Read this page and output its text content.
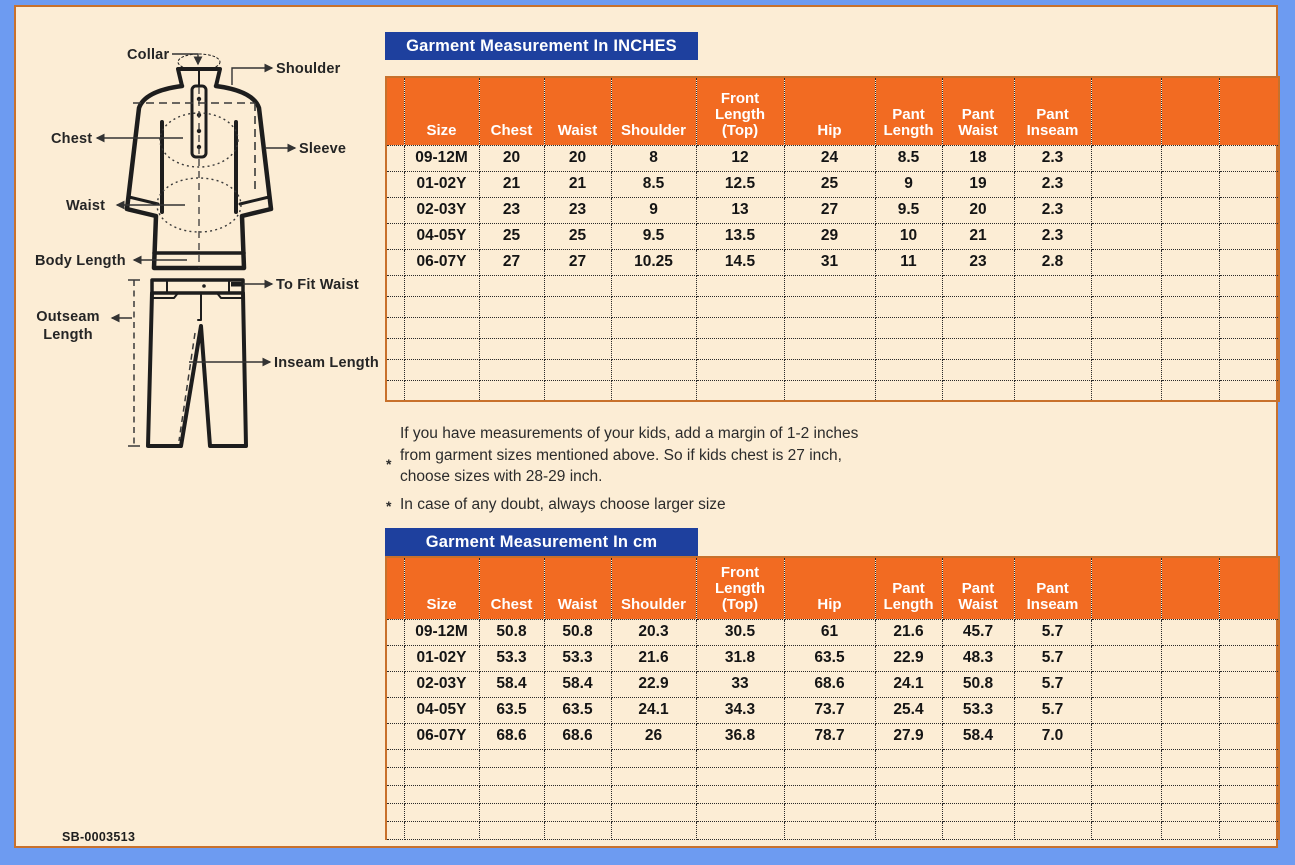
Collar
Shoulder
Chest
Sleeve
Waist
Body Length
To Fit Waist
Outseam Length
Inseam Length
SB-0003513
Garment Measurement In INCHES
	Size	Chest	Waist	Shoulder	Front Length (Top)	Hip	Pant Length	Pant Waist	Pant Inseam			
	09-12M	20	20	8	12	24	8.5	18	2.3			
	01-02Y	21	21	8.5	12.5	25	9	19	2.3			
	02-03Y	23	23	9	13	27	9.5	20	2.3			
	04-05Y	25	25	9.5	13.5	29	10	21	2.3			
	06-07Y	27	27	10.25	14.5	31	11	23	2.8			

*
If you have measurements of your kids, add a margin of 1-2 inches from garment sizes mentioned above. So if kids chest is 27 inch, choose sizes with 28-29 inch.
* In case of any doubt, always choose larger size
Garment Measurement In cm
	Size	Chest	Waist	Shoulder	Front Length (Top)	Hip	Pant Length	Pant Waist	Pant Inseam			
	09-12M	50.8	50.8	20.3	30.5	61	21.6	45.7	5.7			
	01-02Y	53.3	53.3	21.6	31.8	63.5	22.9	48.3	5.7			
	02-03Y	58.4	58.4	22.9	33	68.6	24.1	50.8	5.7			
	04-05Y	63.5	63.5	24.1	34.3	73.7	25.4	53.3	5.7			
	06-07Y	68.6	68.6	26	36.8	78.7	27.9	58.4	7.0			
